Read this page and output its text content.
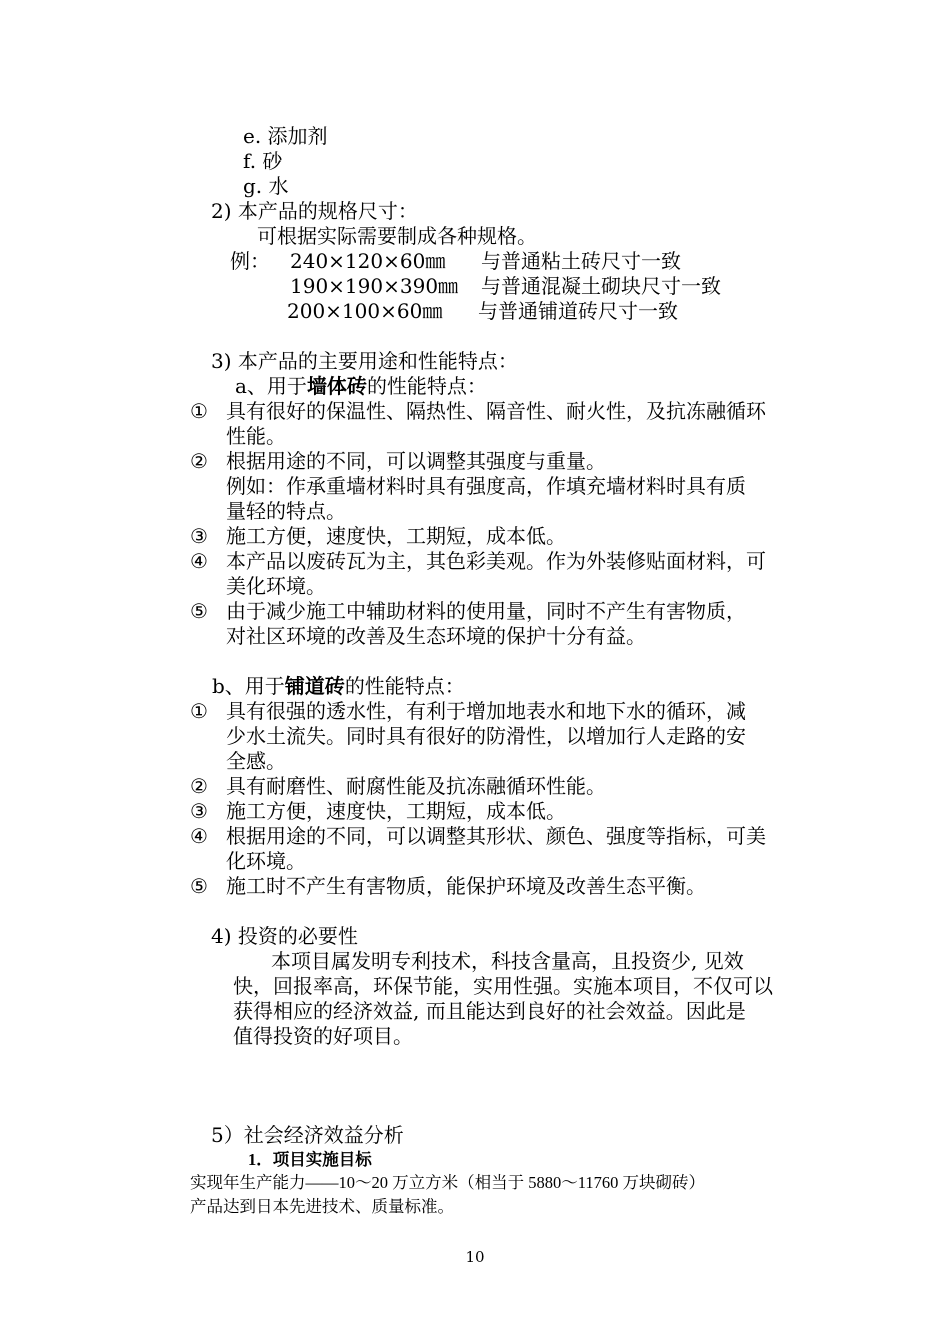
e. 添加剂
f. 砂
g. 水
2) 本产品的规格尺寸：
可根据实际需要制成各种规格。
例： 240×120×60㎜ 与普通粘土砖尺寸一致
190×190×390㎜ 与普通混凝土砌块尺寸一致
200×100×60㎜ 与普通铺道砖尺寸一致
3) 本产品的主要用途和性能特点：
a、用于墙体砖的性能特点：
① 具有很好的保温性、隔热性、隔音性、耐火性，及抗冻融循环
性能。
② 根据用途的不同，可以调整其强度与重量。
例如：作承重墙材料时具有强度高，作填充墙材料时具有质
量轻的特点。
③ 施工方便，速度快，工期短，成本低。
④ 本产品以废砖瓦为主，其色彩美观。作为外装修贴面材料，可
美化环境。
⑤ 由于减少施工中辅助材料的使用量，同时不产生有害物质，
对社区环境的改善及生态环境的保护十分有益。
b、用于铺道砖的性能特点：
① 具有很强的透水性，有利于增加地表水和地下水的循环，减
少水土流失。同时具有很好的防滑性，以增加行人走路的安
全感。
② 具有耐磨性、耐腐性能及抗冻融循环性能。
③ 施工方便，速度快，工期短，成本低。
④ 根据用途的不同，可以调整其形状、颜色、强度等指标，可美
化环境。
⑤ 施工时不产生有害物质，能保护环境及改善生态平衡。
4) 投资的必要性
本项目属发明专利技术，科技含量高，且投资少, 见效
快，回报率高，环保节能，实用性强。实施本项目，不仅可以
获得相应的经济效益, 而且能达到良好的社会效益。因此是
值得投资的好项目。
5）社会经济效益分析
1．项目实施目标
实现年生产能力——10～20 万立方米（相当于 5880～11760 万块砌砖）
产品达到日本先进技术、质量标准。
10
